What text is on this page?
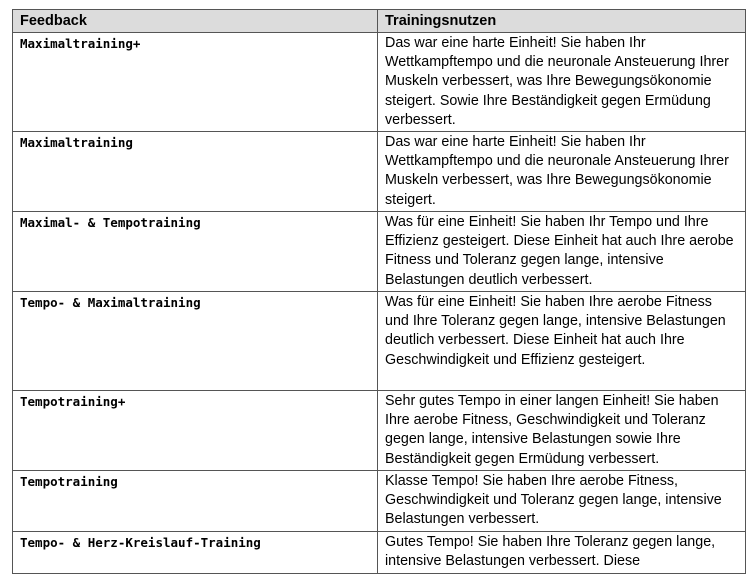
Feedback	Trainingsnutzen
Maximaltraining+	Das war eine harte Einheit! Sie haben Ihr Wettkampftempo und die neuronale Ansteuerung Ihrer Muskeln verbessert, was Ihre Bewegungsökonomie steigert. Sowie Ihre Beständigkeit gegen Ermüdung verbessert.
Maximaltraining	Das war eine harte Einheit! Sie haben Ihr Wettkampftempo und die neuronale Ansteuerung Ihrer Muskeln verbessert, was Ihre Bewegungsökonomie steigert.
Maximal- & Tempotraining	Was für eine Einheit! Sie haben Ihr Tempo und Ihre Effizienz gesteigert. Diese Einheit hat auch Ihre aerobe Fitness und Toleranz gegen lange, intensive Belastungen deutlich verbessert.
Tempo- & Maximaltraining	Was für eine Einheit! Sie haben Ihre aerobe Fitness und Ihre Toleranz gegen lange, intensive Belastungen deutlich verbessert. Diese Einheit hat auch Ihre Geschwindigkeit und Effizienz gesteigert.
Tempotraining+	Sehr gutes Tempo in einer langen Einheit! Sie haben Ihre aerobe Fitness, Geschwindigkeit und Toleranz gegen lange, intensive Belastungen sowie Ihre Beständigkeit gegen Ermüdung verbessert.
Tempotraining	Klasse Tempo! Sie haben Ihre aerobe Fitness, Geschwindigkeit und Toleranz gegen lange, intensive Belastungen verbessert.
Tempo- & Herz-Kreislauf-Training	Gutes Tempo! Sie haben Ihre Toleranz gegen lange, intensive Belastungen verbessert. Diese
